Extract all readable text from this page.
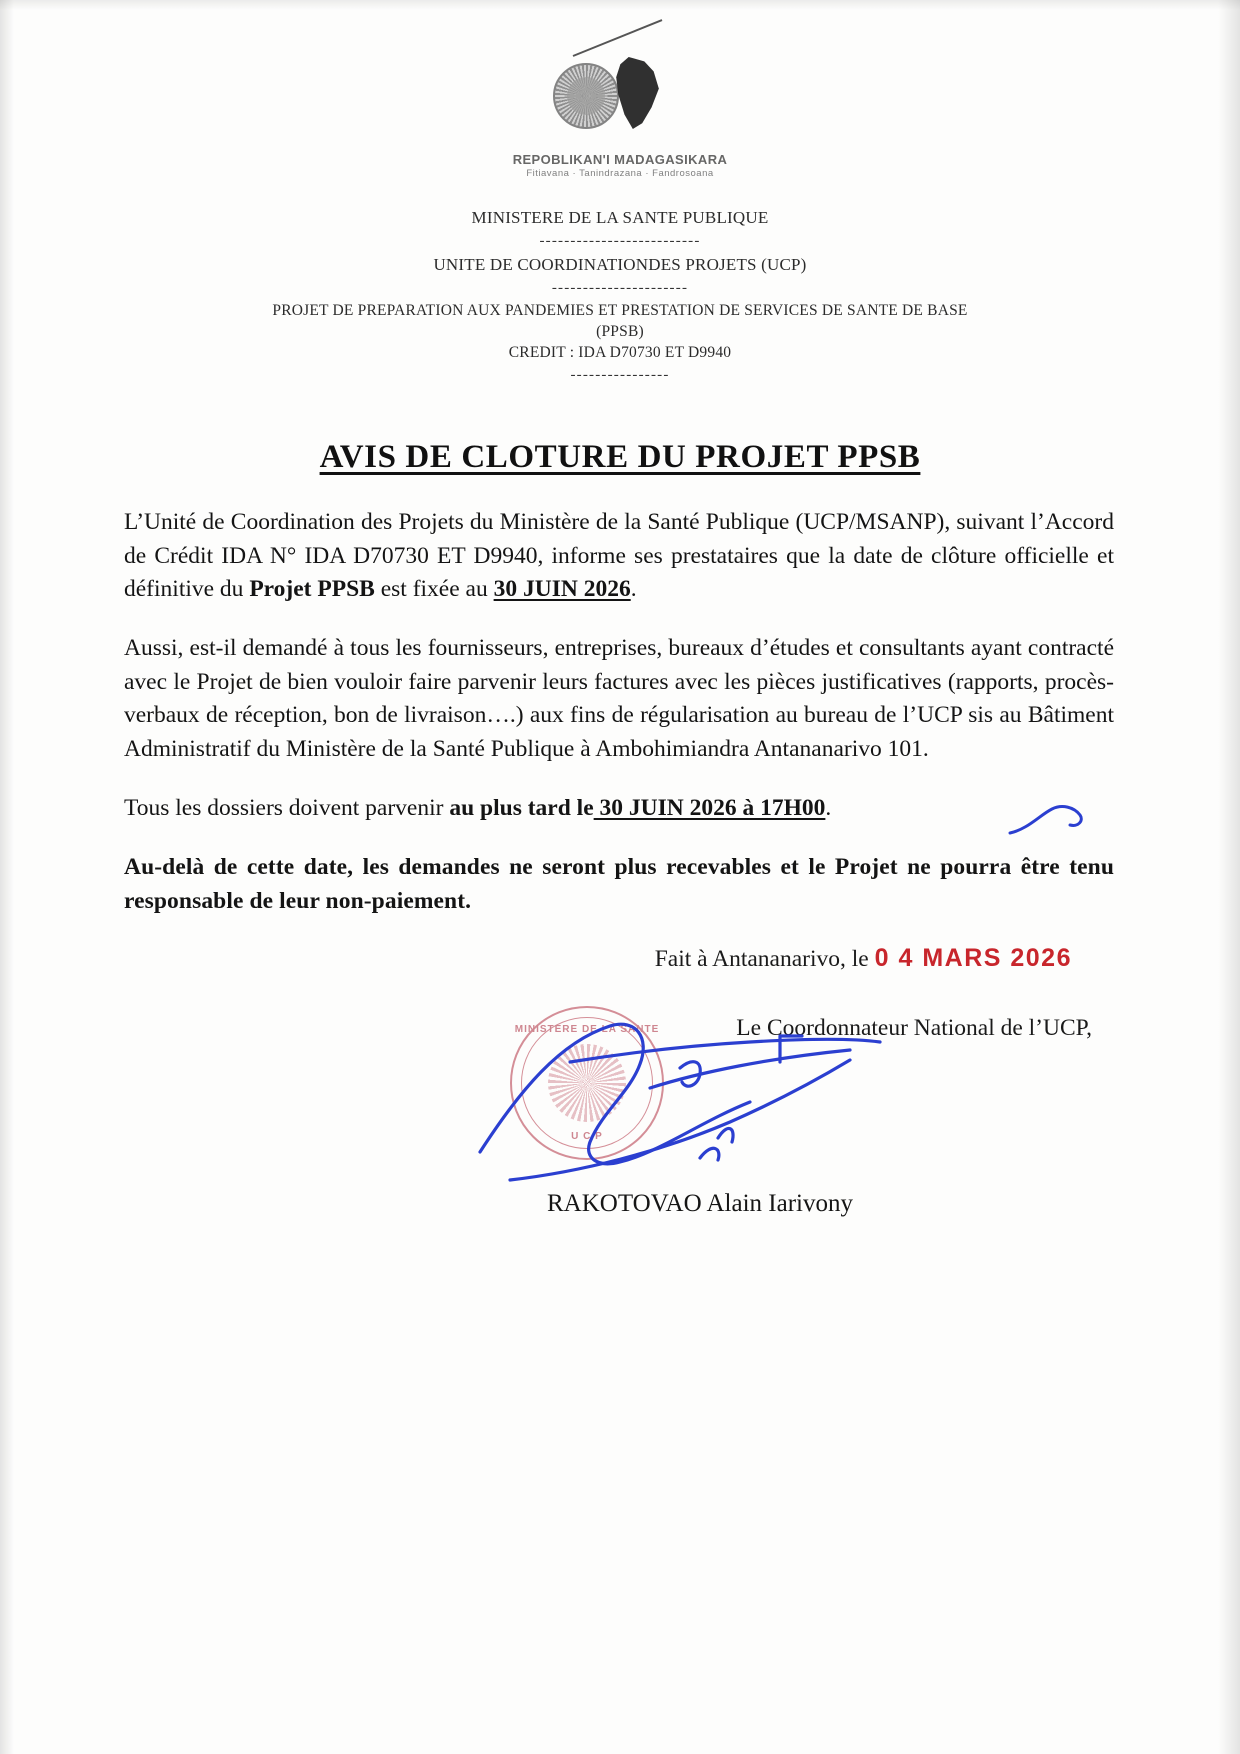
REPOBLIKAN'I MADAGASIKARA
Fitiavana · Tanindrazana · Fandrosoana
MINISTERE DE LA SANTE PUBLIQUE
--------------------------
UNITE DE COORDINATIONDES PROJETS (UCP)
----------------------
PROJET DE PREPARATION AUX PANDEMIES ET PRESTATION DE SERVICES DE SANTE DE BASE
(PPSB)
CREDIT : IDA D70730 ET D9940
----------------
AVIS DE CLOTURE DU PROJET PPSB

L’Unité de Coordination des Projets du Ministère de la Santé Publique (UCP/MSANP), suivant l’Accord de Crédit IDA N° IDA D70730 ET D9940, informe ses prestataires que la date de clôture officielle et définitive du Projet PPSB est fixée au 30 JUIN 2026.

Aussi, est-il demandé à tous les fournisseurs, entreprises, bureaux d’études et consultants ayant contracté avec le Projet de bien vouloir faire parvenir leurs factures avec les pièces justificatives (rapports, procès-verbaux de réception, bon de livraison….) aux fins de régularisation au bureau de l’UCP sis au Bâtiment Administratif du Ministère de la Santé Publique à Ambohimiandra Antananarivo 101.

Tous les dossiers doivent parvenir au plus tard le 30 JUIN 2026 à 17H00.

Au-delà de cette date, les demandes ne seront plus recevables et le Projet ne pourra être tenu responsable de leur non-paiement.

Fait à Antananarivo, le 0 4 MARS 2026
Le Coordonnateur National de l’UCP,
MINISTERE DE LA SANTE
U C P
RAKOTOVAO Alain Iarivony
